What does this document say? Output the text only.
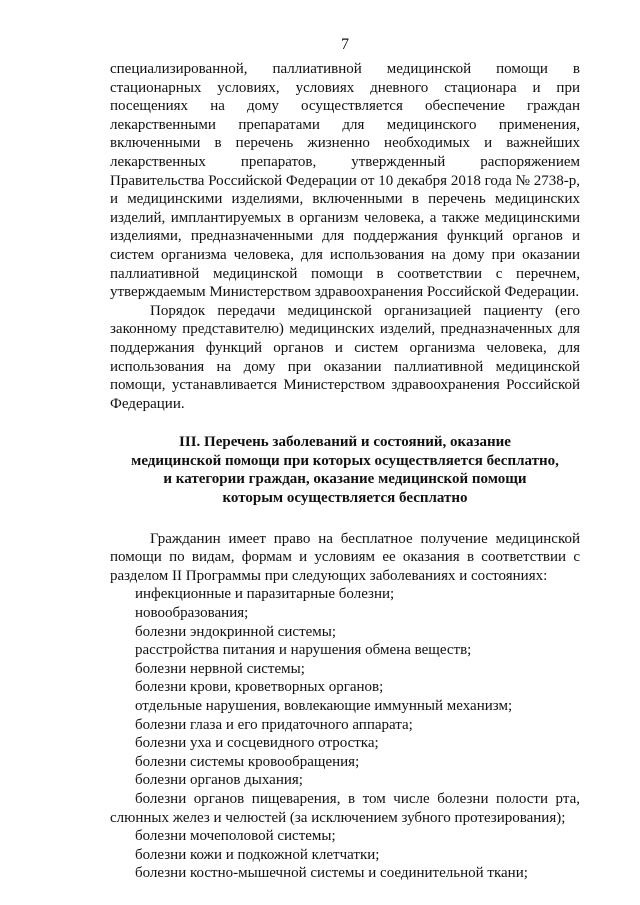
7

специализированной, паллиативной медицинской помощи в стационарных условиях, условиях дневного стационара и при посещениях на дому осуществляется обеспечение граждан лекарственными препаратами для медицинского применения, включенными в перечень жизненно необходимых и важнейших лекарственных препаратов, утвержденный распоряжением Правительства Российской Федерации от 10 декабря 2018 года № 2738-р, и медицинскими изделиями, включенными в перечень медицинских изделий, имплантируемых в организм человека, а также медицинскими изделиями, предназначенными для поддержания функций органов и систем организма человека, для использования на дому при оказании паллиативной медицинской помощи в соответствии с перечнем, утверждаемым Министерством здравоохранения Российской Федерации.

Порядок передачи медицинской организацией пациенту (его законному представителю) медицинских изделий, предназначенных для поддержания функций органов и систем организма человека, для использования на дому при оказании паллиативной медицинской помощи, устанавливается Министерством здравоохранения Российской Федерации.

III. Перечень заболеваний и состояний, оказание
медицинской помощи при которых осуществляется бесплатно,
и категории граждан, оказание медицинской помощи
которым осуществляется бесплатно

Гражданин имеет право на бесплатное получение медицинской помощи по видам, формам и условиям ее оказания в соответствии с разделом II Программы при следующих заболеваниях и состояниях:

инфекционные и паразитарные болезни;
новообразования;
болезни эндокринной системы;
расстройства питания и нарушения обмена веществ;
болезни нервной системы;
болезни крови, кроветворных органов;
отдельные нарушения, вовлекающие иммунный механизм;
болезни глаза и его придаточного аппарата;
болезни уха и сосцевидного отростка;
болезни системы кровообращения;
болезни органов дыхания;
болезни органов пищеварения, в том числе болезни полости рта, слюнных желез и челюстей (за исключением зубного протезирования);
болезни мочеполовой системы;
болезни кожи и подкожной клетчатки;
болезни костно-мышечной системы и соединительной ткани;
